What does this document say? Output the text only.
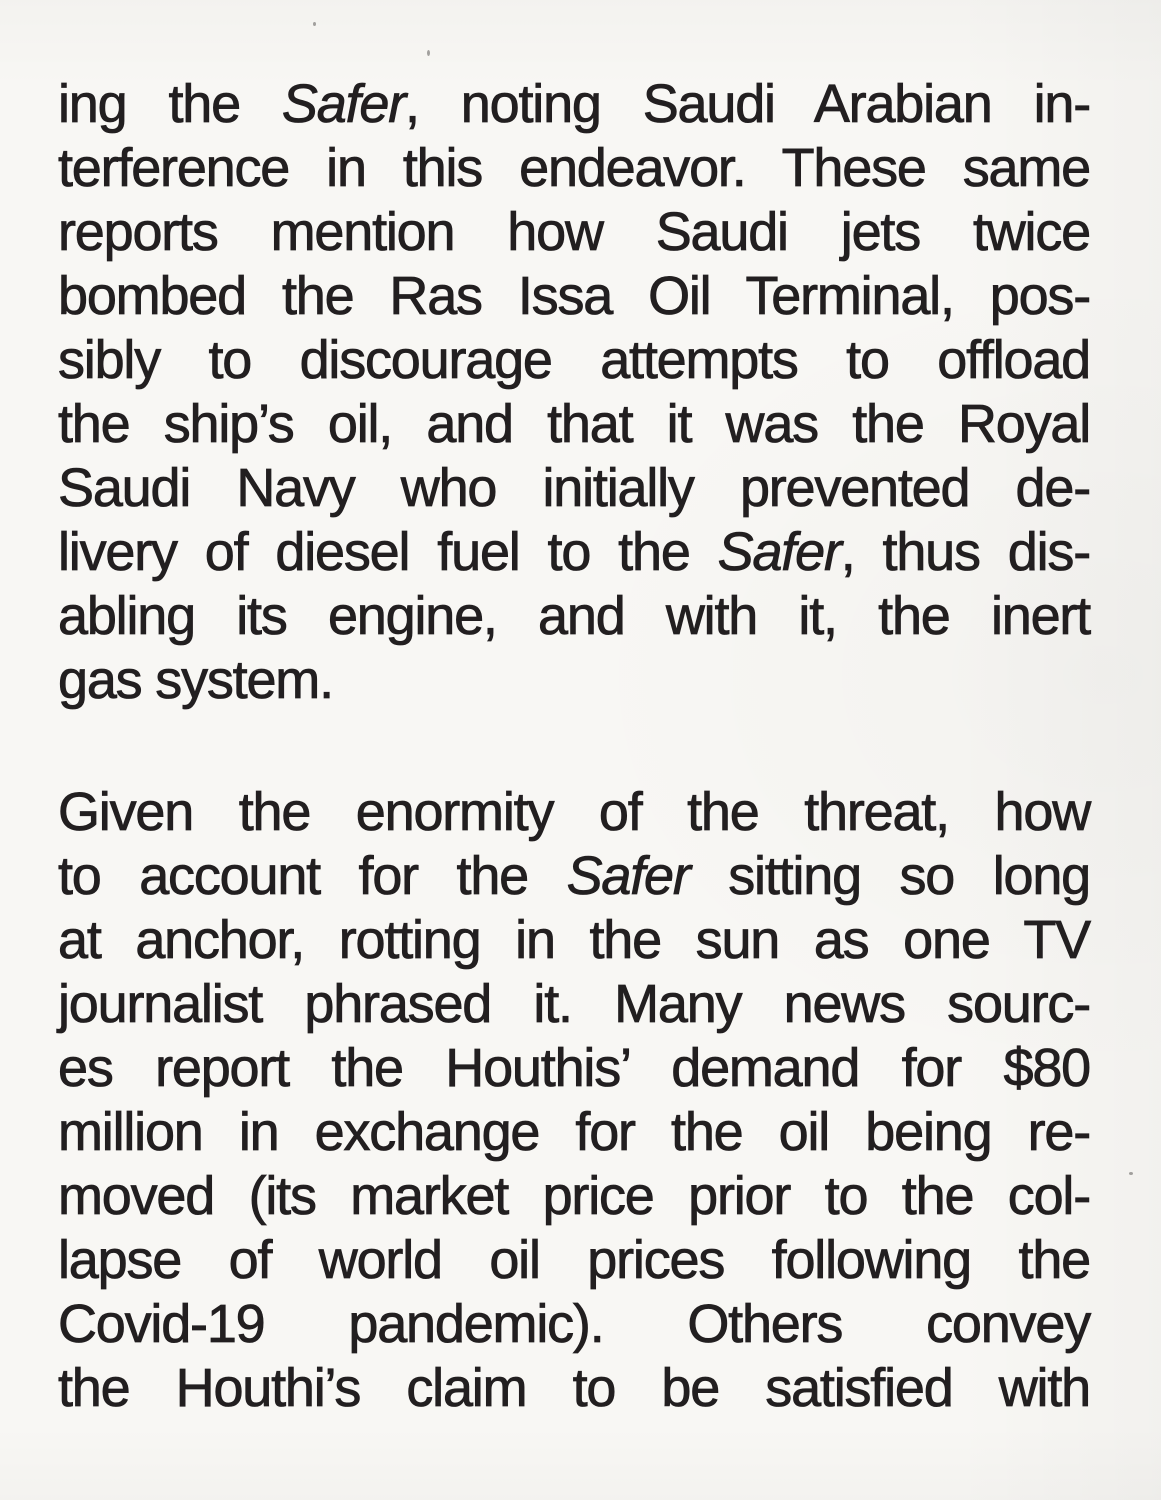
ing the Safer, noting Saudi Arabian in-
terference in this endeavor. These same
reports mention how Saudi jets twice
bombed the Ras Issa Oil Terminal, pos-
sibly to discourage attempts to offload
the ship’s oil, and that it was the Royal
Saudi Navy who initially prevented de-
livery of diesel fuel to the Safer, thus dis-
abling its engine, and with it, the inert
gas system.
Given the enormity of the threat, how
to account for the Safer sitting so long
at anchor, rotting in the sun as one TV
journalist phrased it. Many news sourc-
es report the Houthis’ demand for $80
million in exchange for the oil being re-
moved (its market price prior to the col-
lapse of world oil prices following the
Covid-19 pandemic). Others convey
the Houthi’s claim to be satisfied with
